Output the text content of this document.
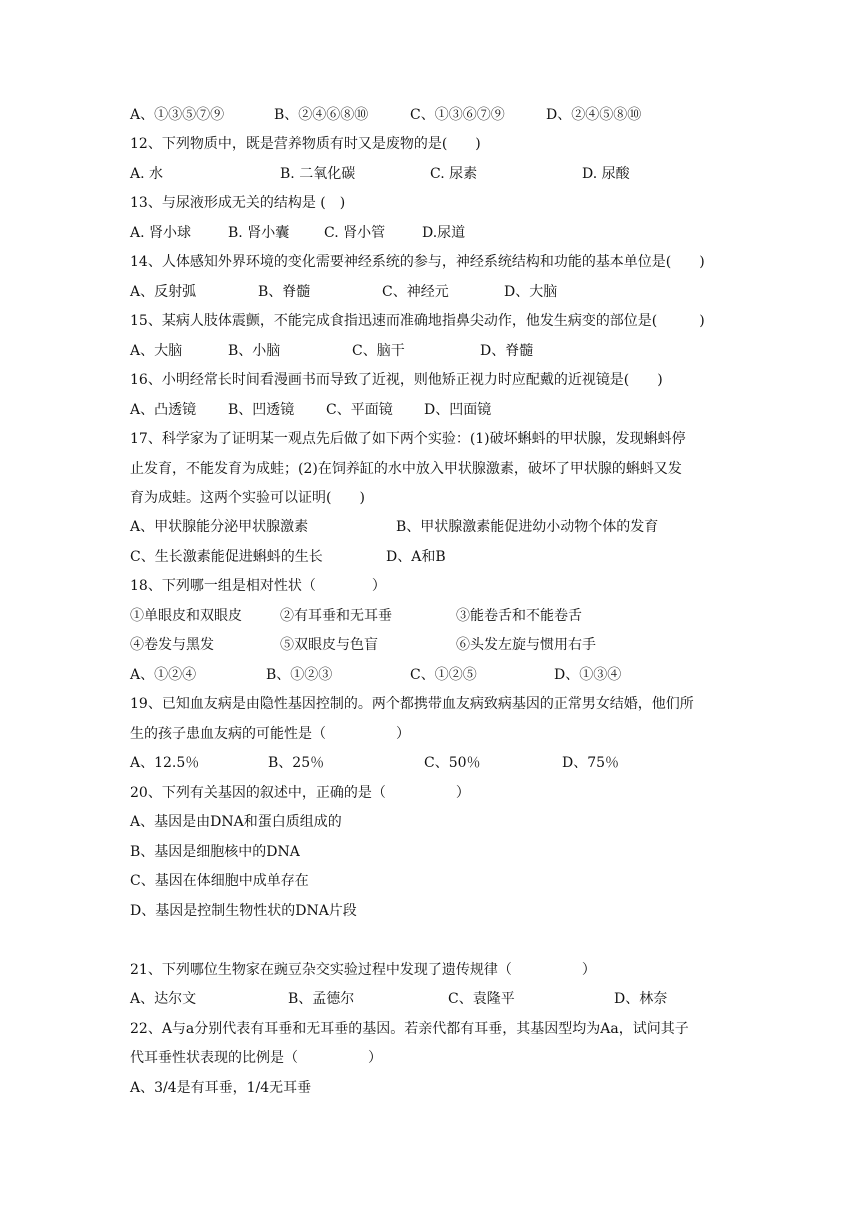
A、①③⑤⑦⑨	B、②④⑥⑧⑩	C、①③⑥⑦⑨	D、②④⑤⑧⑩
12、下列物质中，既是营养物质有时又是废物的是(　　)
A. 水	B. 二氧化碳	C. 尿素	D. 尿酸
13、与尿液形成无关的结构是 (　)
A. 肾小球	B. 肾小囊 C. 肾小管	D.尿道
14、人体感知外界环境的变化需要神经系统的参与，神经系统结构和功能的基本单位是(　　)
A、反射弧	B、脊髓	C、神经元	D、大脑
15、某病人肢体震颤，不能完成食指迅速而准确地指鼻尖动作，他发生病变的部位是(　　　)
A、大脑	B、小脑	C、脑干	D、脊髓
16、小明经常长时间看漫画书而导致了近视，则他矫正视力时应配戴的近视镜是(　　)
A、凸透镜 B、凹透镜 C、平面镜 D、凹面镜
17、科学家为了证明某一观点先后做了如下两个实验：(1)破坏蝌蚪的甲状腺，发现蝌蚪停
止发育，不能发育为成蛙；(2)在饲养缸的水中放入甲状腺激素，破坏了甲状腺的蝌蚪又发
育为成蛙。这两个实验可以证明(　　)
A、甲状腺能分泌甲状腺激素	B、甲状腺激素能促进幼小动物个体的发育
C、生长激素能促进蝌蚪的生长	D、A和B
18、下列哪一组是相对性状（　　　　）
①单眼皮和双眼皮	②有耳垂和无耳垂	③能卷舌和不能卷舌
④卷发与黑发	⑤双眼皮与色盲	⑥头发左旋与惯用右手
A、①②④	B、①②③	C、①②⑤	D、①③④
19、已知血友病是由隐性基因控制的。两个都携带血友病致病基因的正常男女结婚，他们所
生的孩子患血友病的可能性是（　　　　　）
A、12.5％	B、25％	C、50％	D、75％
20、下列有关基因的叙述中，正确的是（　　　　　）
A、基因是由DNA和蛋白质组成的
B、基因是细胞核中的DNA
C、基因在体细胞中成单存在
D、基因是控制生物性状的DNA片段
21、下列哪位生物家在豌豆杂交实验过程中发现了遗传规律（　　　　　）
A、达尔文	B、孟德尔	C、袁隆平	D、林奈
22、A与a分别代表有耳垂和无耳垂的基因。若亲代都有耳垂，其基因型均为Aa，试问其子
代耳垂性状表现的比例是（　　　　　）
A、3/4是有耳垂，1/4无耳垂
